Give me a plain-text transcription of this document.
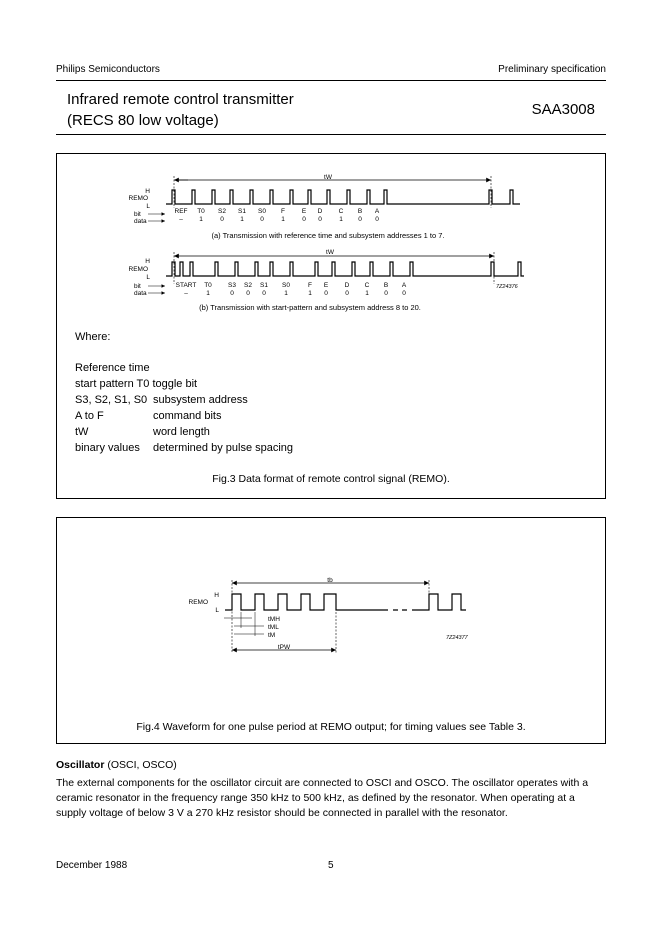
Philips Semiconductors	Preliminary specification
Infrared remote control transmitter
(RECS 80 low voltage)
SAA3008
tW
H
REMO
L
bit
data
REF T0 S2 S1 S0 F	E D	C B A
–	1	0	1	0	1	0 0	1 0 0
(a) Transmission with reference time and subsystem addresses 1 to 7.
tW
H
REMO
L
bit
data
START T0 S3 S2 S1 S0	F E	D C B A
–	1	0 0 0	1	1 0	0	1 0 0
7Z24376
(b) Transmission with start-pattern and subsystem address 8 to 20.
Where:
Reference time
start pattern T0 toggle bit
S3, S2, S1, S0 subsystem address
A to F	command bits
tW	word length
binary values determined by pulse spacing
Fig.3 Data format of remote control signal (REMO).
tb
H
REMO
L
tMH
tML
tM
tPW
7Z24377
Fig.4 Waveform for one pulse period at REMO output; for timing values see Table 3.
Oscillator (OSCI, OSCO)
The external components for the oscillator circuit are connected to OSCI and OSCO. The oscillator operates with a ceramic resonator in the frequency range 350 kHz to 500 kHz, as defined by the resonator. When operating at a supply voltage of below 3 V a 270 kHz resistor should be connected in parallel with the resonator.
December 1988	5
